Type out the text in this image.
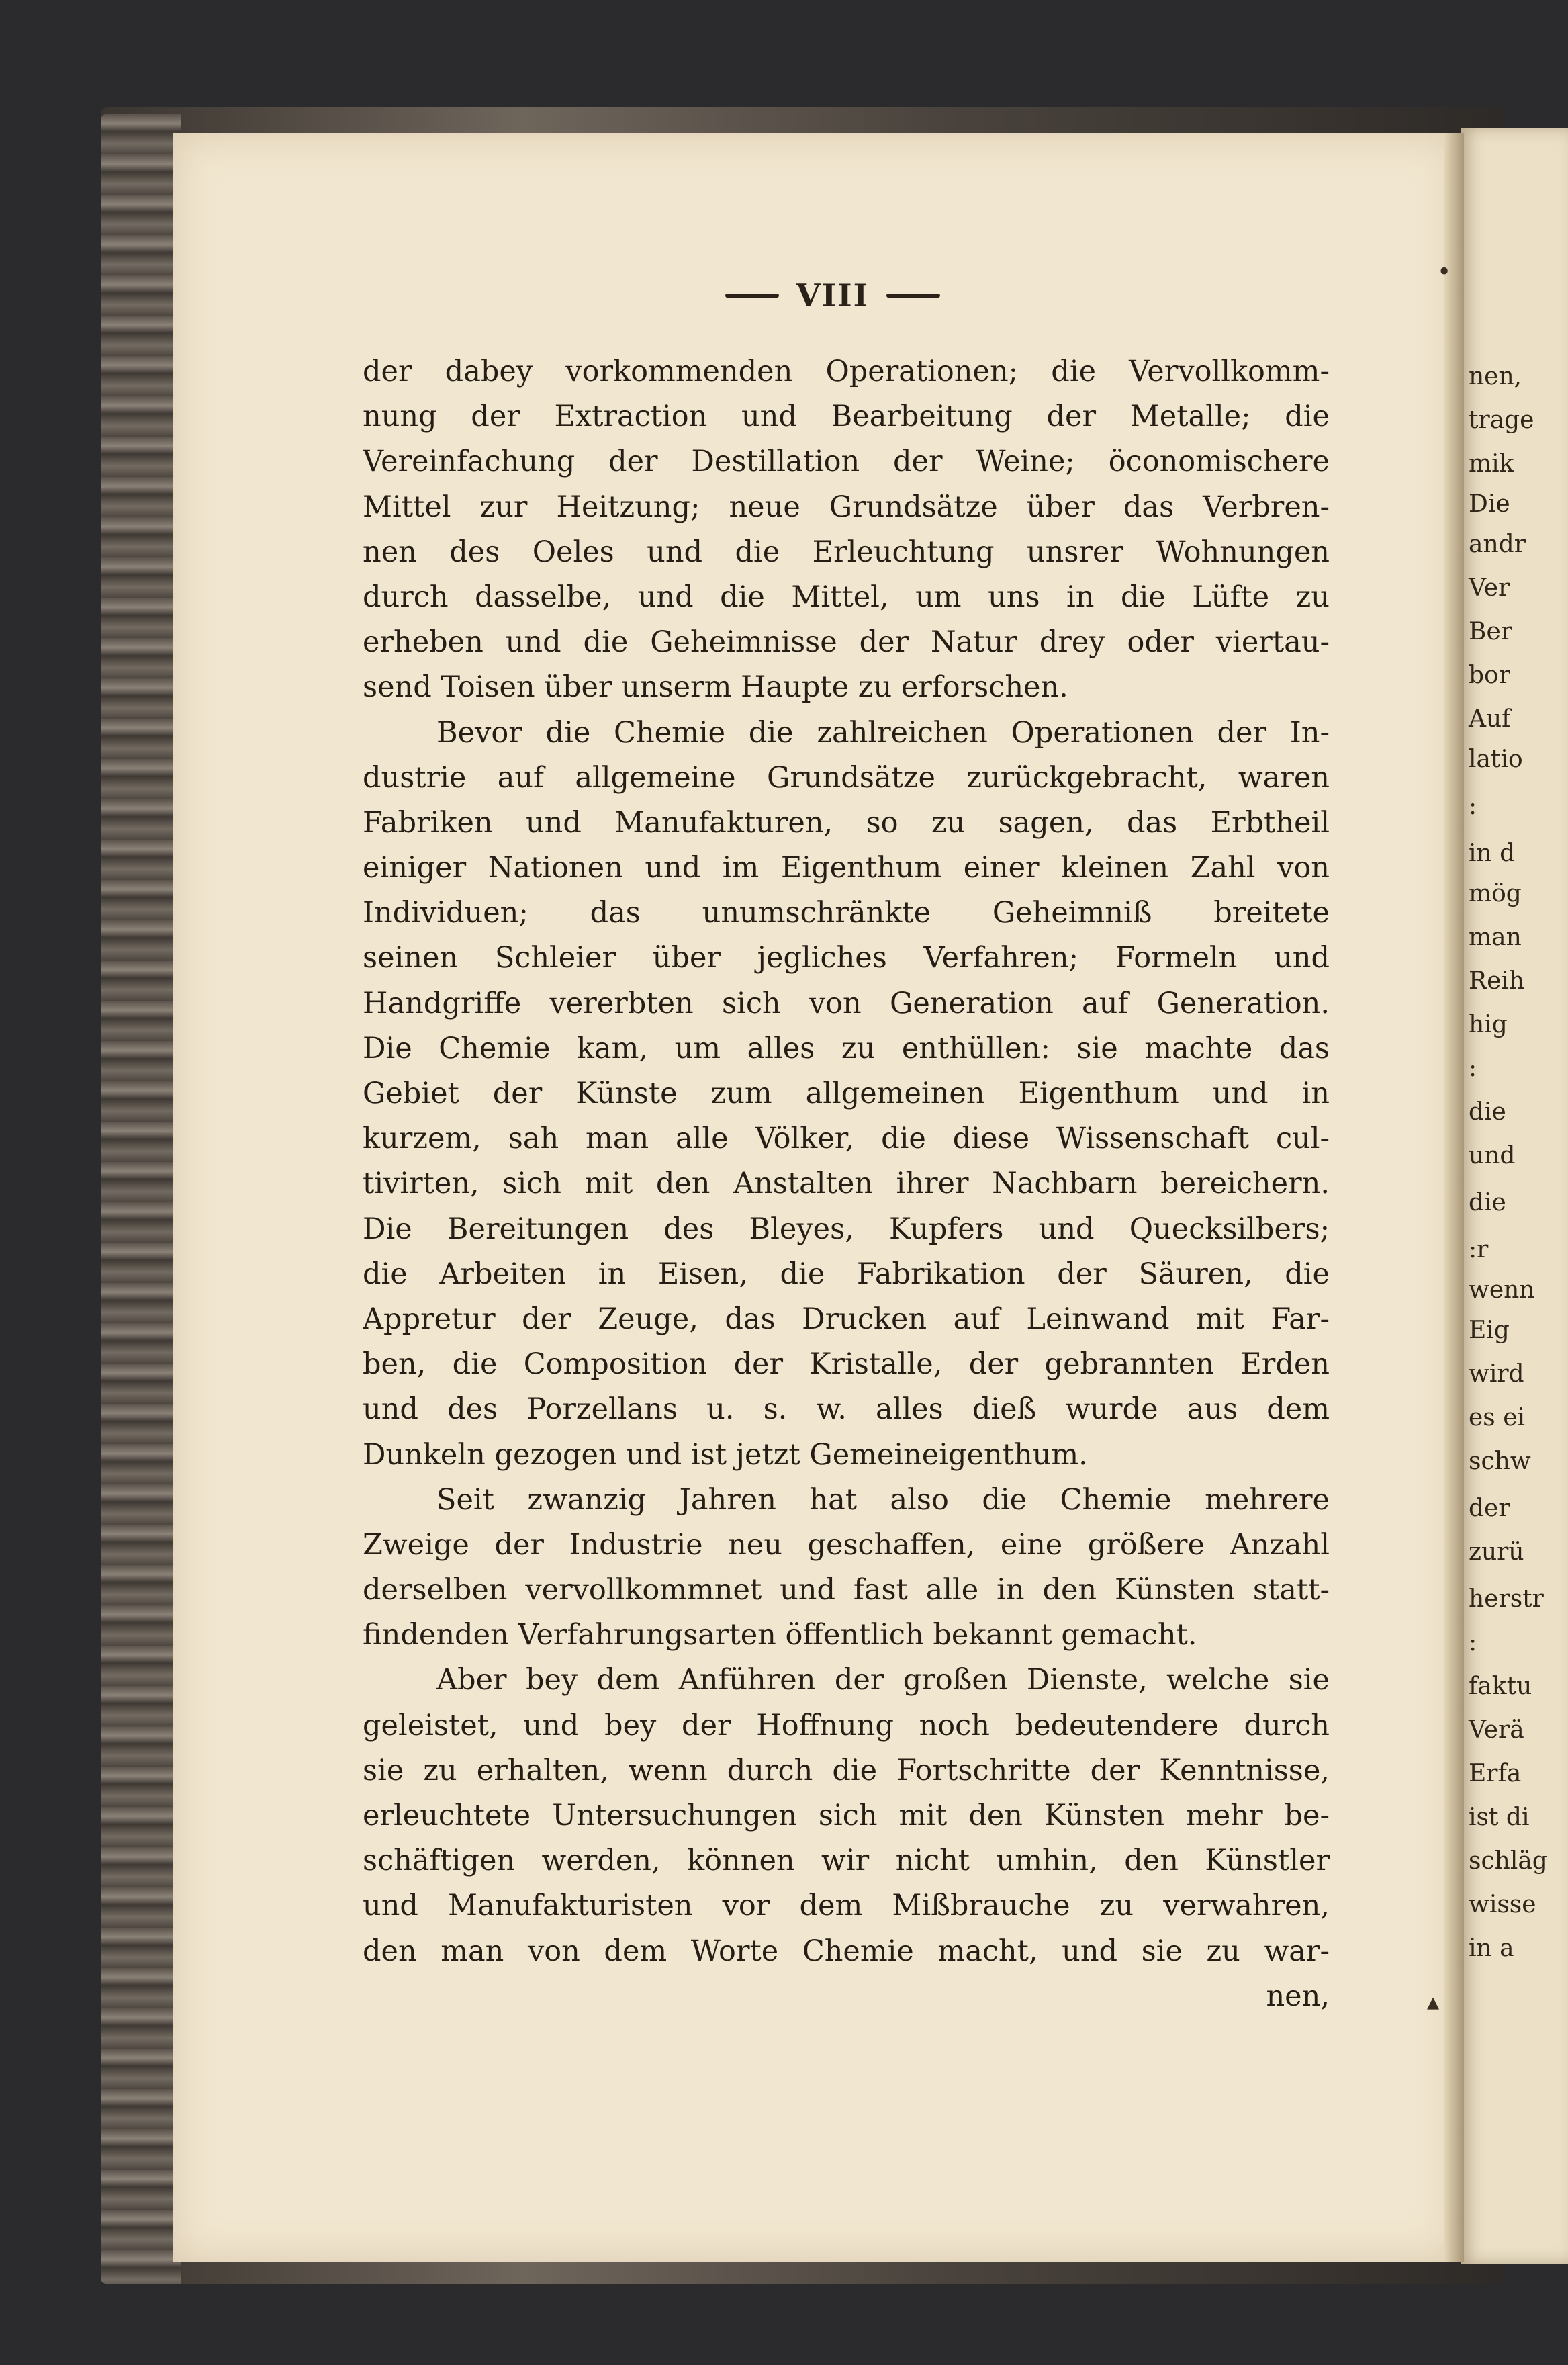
nen,
trage
mik
Die
andr
Ver
Ber
bor
Auf
latio
:
in d
mög
man
Reih
hig
:
die
und
die
:r
wenn
Eig
wird
es ei
schw
der
zurü
herstr
:
faktu
Verä
Erfa
ist di
schläg
wisse
in a
VIII
der dabey vorkommenden Operationen; die Vervollkomm-
nung der Extraction und Bearbeitung der Metalle; die
Vereinfachung der Destillation der Weine; öconomischere
Mittel zur Heitzung; neue Grundsätze über das Verbren-
nen des Oeles und die Erleuchtung unsrer Wohnungen
durch dasselbe, und die Mittel, um uns in die Lüfte zu
erheben und die Geheimnisse der Natur drey oder viertau-
send Toisen über unserm Haupte zu erforschen.
Bevor die Chemie die zahlreichen Operationen der In-
dustrie auf allgemeine Grundsätze zurückgebracht, waren
Fabriken und Manufakturen, so zu sagen, das Erbtheil
einiger Nationen und im Eigenthum einer kleinen Zahl von
Individuen; das unumschränkte Geheimniß breitete
seinen Schleier über jegliches Verfahren; Formeln und
Handgriffe vererbten sich von Generation auf Generation.
Die Chemie kam, um alles zu enthüllen: sie machte das
Gebiet der Künste zum allgemeinen Eigenthum und in
kurzem, sah man alle Völker, die diese Wissenschaft cul-
tivirten, sich mit den Anstalten ihrer Nachbarn bereichern.
Die Bereitungen des Bleyes, Kupfers und Quecksilbers;
die Arbeiten in Eisen, die Fabrikation der Säuren, die
Appretur der Zeuge, das Drucken auf Leinwand mit Far-
ben, die Composition der Kristalle, der gebrannten Erden
und des Porzellans u. s. w. alles dieß wurde aus dem
Dunkeln gezogen und ist jetzt Gemeineigenthum.
Seit zwanzig Jahren hat also die Chemie mehrere
Zweige der Industrie neu geschaffen, eine größere Anzahl
derselben vervollkommnet und fast alle in den Künsten statt-
findenden Verfahrungsarten öffentlich bekannt gemacht.
Aber bey dem Anführen der großen Dienste, welche sie
geleistet, und bey der Hoffnung noch bedeutendere durch
sie zu erhalten, wenn durch die Fortschritte der Kenntnisse,
erleuchtete Untersuchungen sich mit den Künsten mehr be-
schäftigen werden, können wir nicht umhin, den Künstler
und Manufakturisten vor dem Mißbrauche zu verwahren,
den man von dem Worte Chemie macht, und sie zu war-
nen,
•
▴
